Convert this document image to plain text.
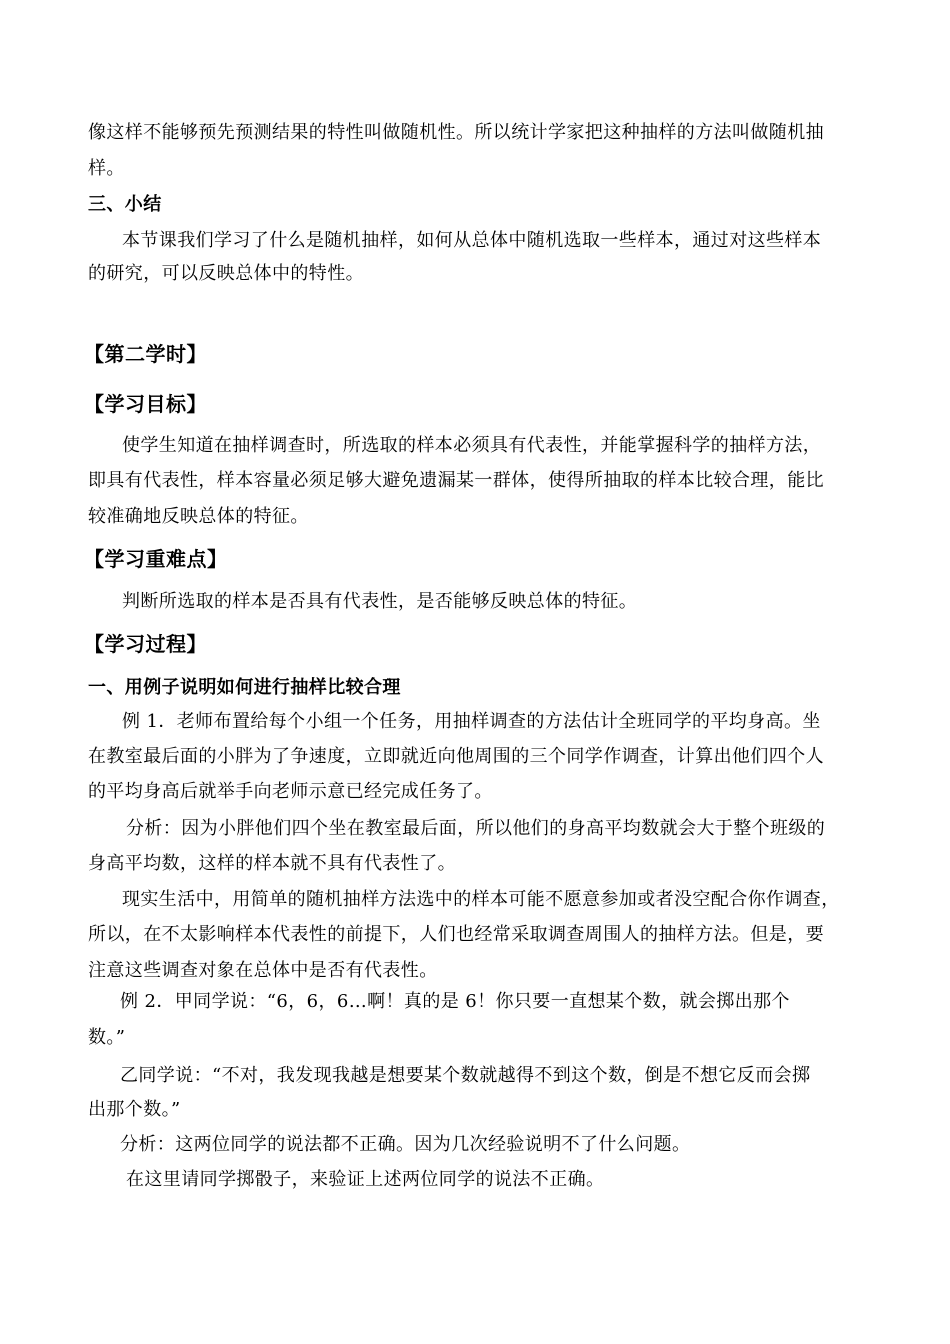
像这样不能够预先预测结果的特性叫做随机性。所以统计学家把这种抽样的方法叫做随机抽
样。
三、小结
本节课我们学习了什么是随机抽样，如何从总体中随机选取一些样本，通过对这些样本
的研究，可以反映总体中的特性。
【第二学时】
【学习目标】
使学生知道在抽样调查时，所选取的样本必须具有代表性，并能掌握科学的抽样方法，
即具有代表性，样本容量必须足够大避免遗漏某一群体，使得所抽取的样本比较合理，能比
较准确地反映总体的特征。
【学习重难点】
判断所选取的样本是否具有代表性，是否能够反映总体的特征。
【学习过程】
一、用例子说明如何进行抽样比较合理
例 1．老师布置给每个小组一个任务，用抽样调查的方法估计全班同学的平均身高。坐
在教室最后面的小胖为了争速度，立即就近向他周围的三个同学作调查，计算出他们四个人
的平均身高后就举手向老师示意已经完成任务了。
分析：因为小胖他们四个坐在教室最后面，所以他们的身高平均数就会大于整个班级的
身高平均数，这样的样本就不具有代表性了。
现实生活中，用简单的随机抽样方法选中的样本可能不愿意参加或者没空配合你作调查，
所以，在不太影响样本代表性的前提下，人们也经常采取调查周围人的抽样方法。但是，要
注意这些调查对象在总体中是否有代表性。
例 2．甲同学说：“6，6，6…啊！真的是 6！你只要一直想某个数，就会掷出那个
数。”
乙同学说：“不对，我发现我越是想要某个数就越得不到这个数，倒是不想它反而会掷
出那个数。”
分析：这两位同学的说法都不正确。因为几次经验说明不了什么问题。
在这里请同学掷骰子，来验证上述两位同学的说法不正确。
